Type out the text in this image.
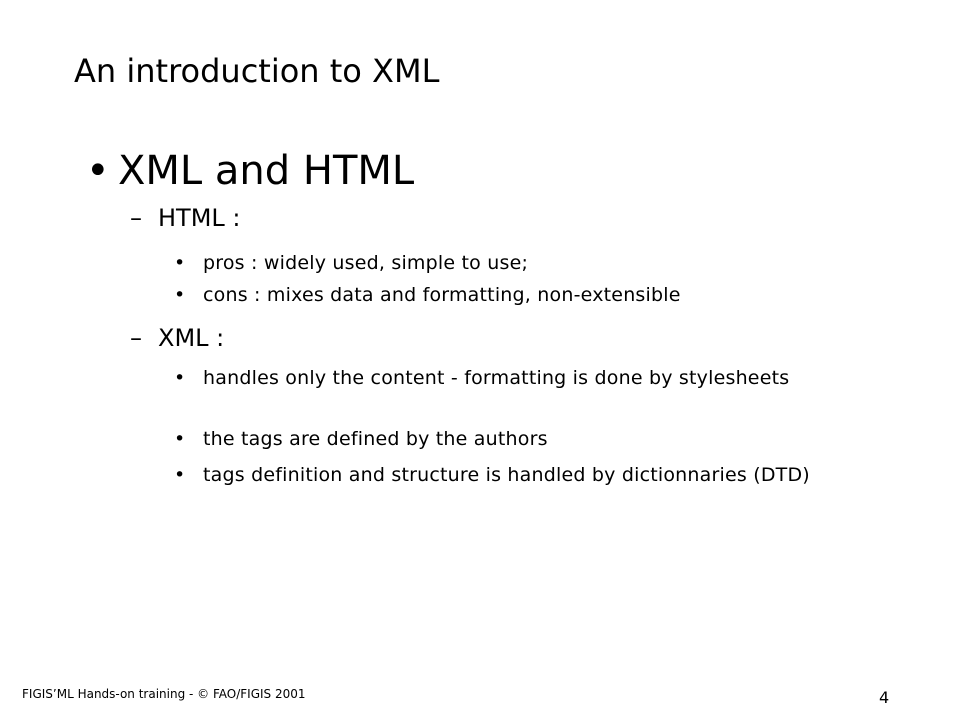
An introduction to XML
• XML and HTML
– HTML :
• pros : widely used, simple to use;
• cons : mixes data and formatting, non-extensible
– XML :
• handles only the content - formatting is done by stylesheets
• the tags are defined by the authors
• tags definition and structure is handled by dictionnaries (DTD)
FIGIS’ML Hands-on training - © FAO/FIGIS 2001	4
